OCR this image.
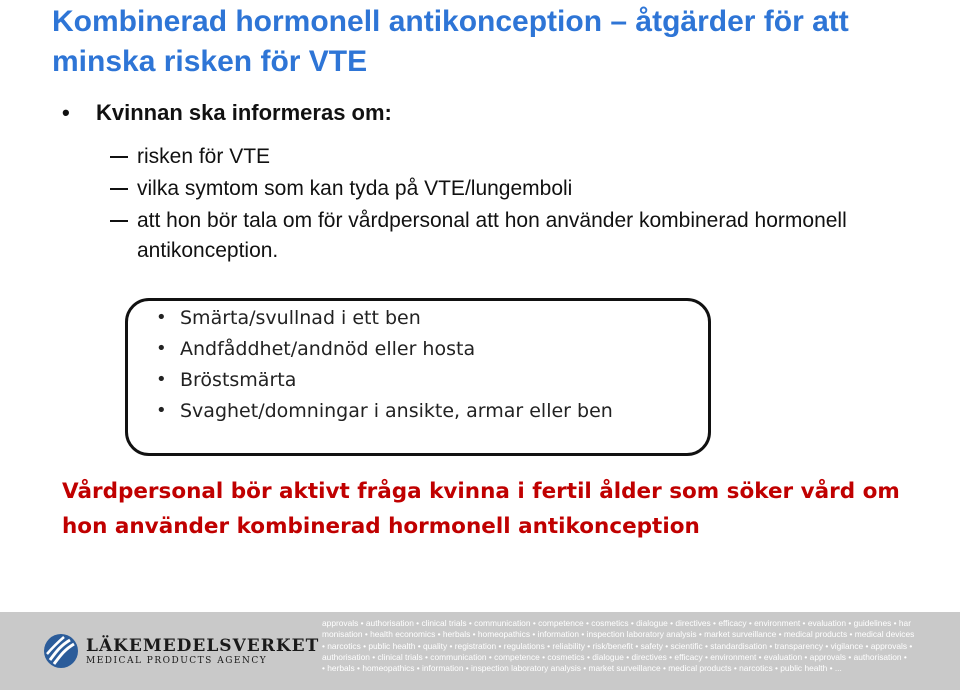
Kombinerad hormonell antikonception – åtgärder för att minska risken för VTE
• Kvinnan ska informeras om:
risken för VTE
vilka symtom som kan tyda på VTE/lungemboli
att hon bör tala om för vårdpersonal att hon använder kombinerad hormonell antikonception.
• Smärta/svullnad i ett ben
• Andfåddhet/andnöd eller hosta
• Bröstsmärta
• Svaghet/domningar i ansikte, armar eller ben

Vårdpersonal bör aktivt fråga kvinna i fertil ålder som söker vård om hon använder kombinerad hormonell antikonception

LÄKEMEDELSVERKET
MEDICAL PRODUCTS AGENCY
approvals • authorisation • clinical trials • communication • competence • cosmetics • dialogue • directives • efficacy • environment • evaluation • guidelines • har
monisation • health economics • herbals • homeopathics • information • inspection laboratory analysis • market surveillance • medical products • medical devices
• narcotics • public health • quality • registration • regulations • reliability • risk/benefit • safety • scientific • standardisation • transparency • vigilance • approvals •
authorisation • clinical trials • communication • competence • cosmetics • dialogue • directives • efficacy • environment • evaluation • approvals • authorisation •
• herbals • homeopathics • information • inspection laboratory analysis • market surveillance • medical products • narcotics • public health • ...
